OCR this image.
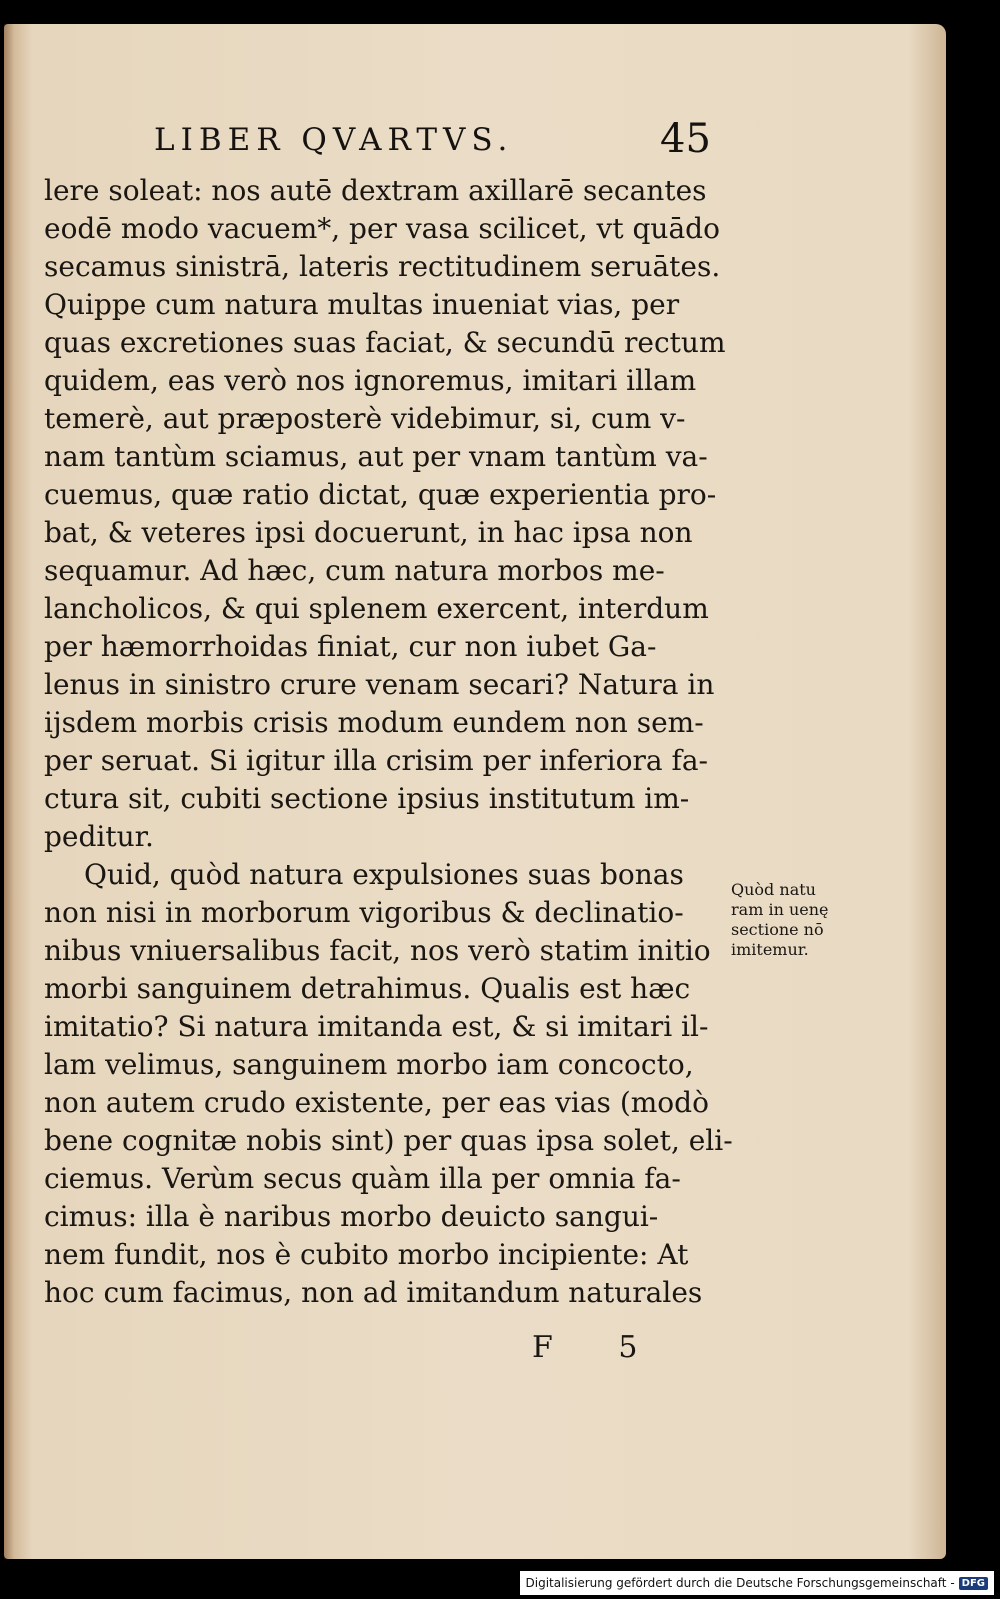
LIBER QVARTVS.	45
lere soleat: nos autē dextram axillarē secantes
eodē modo vacuem*, per vasa scilicet, vt quādo
secamus sinistrā, lateris rectitudinem seruātes.
Quippe cum natura multas inueniat vias, per
quas excretiones suas faciat, & secundū rectum
quidem, eas verò nos ignoremus, imitari illam
temerè, aut præposterè videbimur, si, cum v-
nam tantùm sciamus, aut per vnam tantùm va-
cuemus, quæ ratio dictat, quæ experientia pro-
bat, & veteres ipsi docuerunt, in hac ipsa non
sequamur. Ad hæc, cum natura morbos me-
lancholicos, & qui splenem exercent, interdum
per hæmorrhoidas finiat, cur non iubet Ga-
lenus in sinistro crure venam secari? Natura in
ijsdem morbis crisis modum eundem non sem-
per seruat. Si igitur illa crisim per inferiora fa-
ctura sit, cubiti sectione ipsius institutum im-
peditur.
Quid, quòd natura expulsiones suas bonas
non nisi in morborum vigoribus & declinatio-
nibus vniuersalibus facit, nos verò statim initio
morbi sanguinem detrahimus. Qualis est hæc
imitatio? Si natura imitanda est, & si imitari il-
lam velimus, sanguinem morbo iam concocto,
non autem crudo existente, per eas vias (modò
bene cognitæ nobis sint) per quas ipsa solet, eli-
ciemus. Verùm secus quàm illa per omnia fa-
cimus: illa è naribus morbo deuicto sangui-
nem fundit, nos è cubito morbo incipiente: At
hoc cum facimus, non ad imitandum naturales
Quòd natu
ram in uenę
sectione nō
imitemur.
F 5
Digitalisierung gefördert durch die Deutsche Forschungsgemeinschaft - DFG
